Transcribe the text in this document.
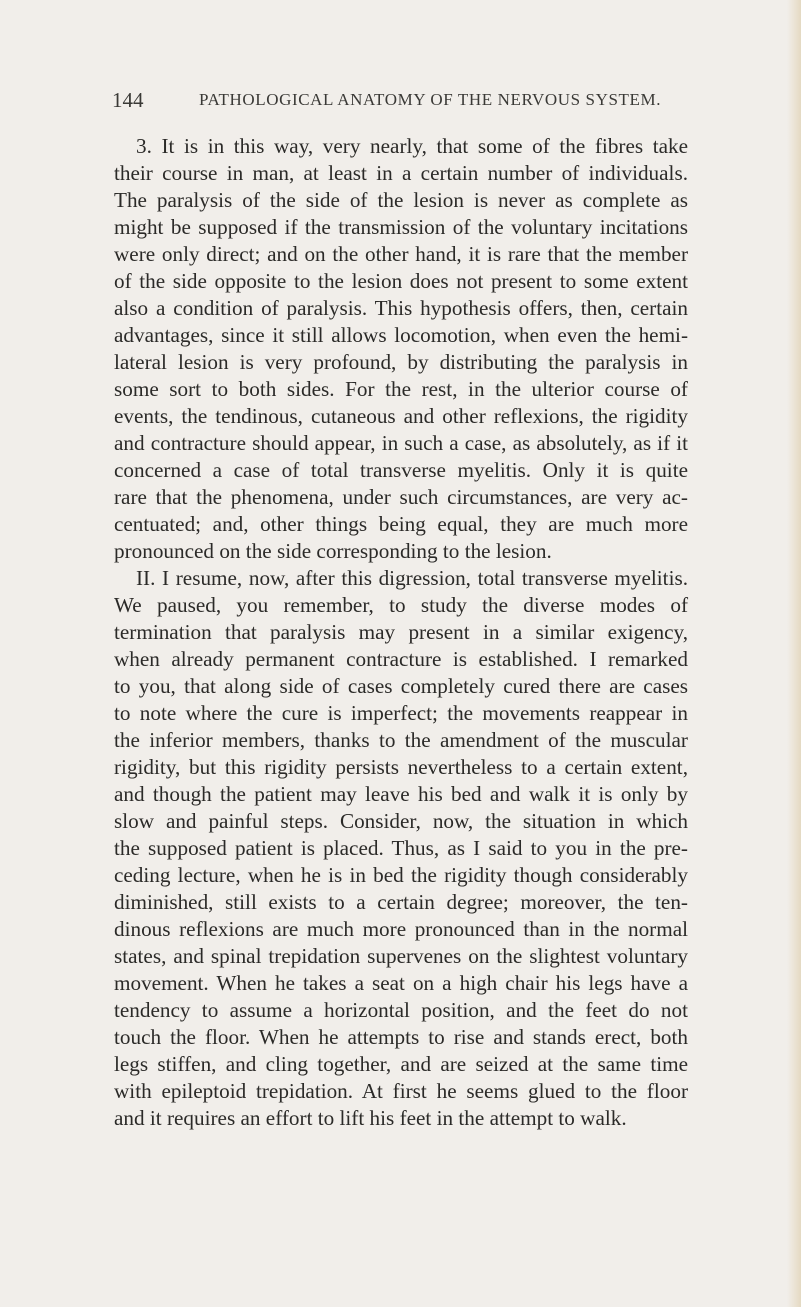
144	PATHOLOGICAL ANATOMY OF THE NERVOUS SYSTEM.
3. It is in this way, very nearly, that some of the fibres take
their course in man, at least in a certain number of individuals.
The paralysis of the side of the lesion is never as complete as
might be supposed if the transmission of the voluntary incitations
were only direct; and on the other hand, it is rare that the member
of the side opposite to the lesion does not present to some extent
also a condition of paralysis. This hypothesis offers, then, certain
advantages, since it still allows locomotion, when even the hemi-
lateral lesion is very profound, by distributing the paralysis in
some sort to both sides. For the rest, in the ulterior course of
events, the tendinous, cutaneous and other reflexions, the rigidity
and contracture should appear, in such a case, as absolutely, as if it
concerned a case of total transverse myelitis. Only it is quite
rare that the phenomena, under such circumstances, are very ac-
centuated; and, other things being equal, they are much more
pronounced on the side corresponding to the lesion.
II. I resume, now, after this digression, total transverse myelitis.
We paused, you remember, to study the diverse modes of
termination that paralysis may present in a similar exigency,
when already permanent contracture is established. I remarked
to you, that along side of cases completely cured there are cases
to note where the cure is imperfect; the movements reappear in
the inferior members, thanks to the amendment of the muscular
rigidity, but this rigidity persists nevertheless to a certain extent,
and though the patient may leave his bed and walk it is only by
slow and painful steps. Consider, now, the situation in which
the supposed patient is placed. Thus, as I said to you in the pre-
ceding lecture, when he is in bed the rigidity though considerably
diminished, still exists to a certain degree; moreover, the ten-
dinous reflexions are much more pronounced than in the normal
states, and spinal trepidation supervenes on the slightest voluntary
movement. When he takes a seat on a high chair his legs have a
tendency to assume a horizontal position, and the feet do not
touch the floor. When he attempts to rise and stands erect, both
legs stiffen, and cling together, and are seized at the same time
with epileptoid trepidation. At first he seems glued to the floor
and it requires an effort to lift his feet in the attempt to walk.
